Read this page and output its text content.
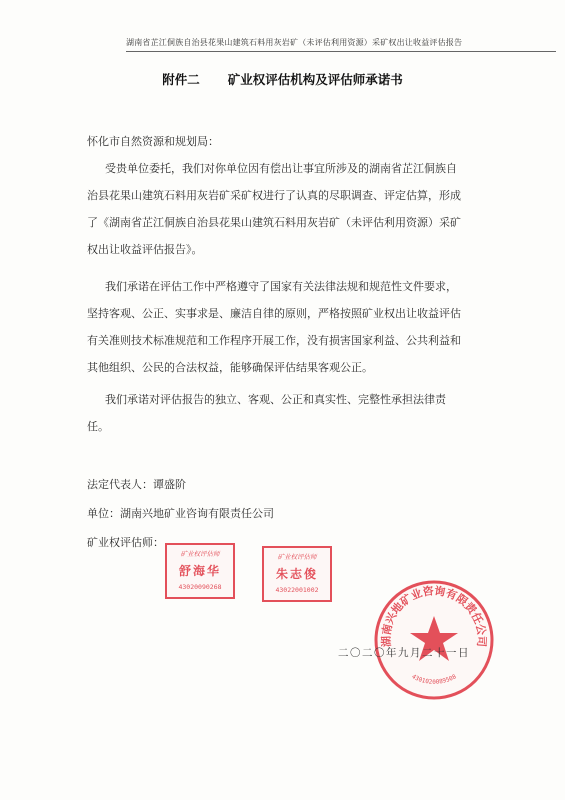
湖南省芷江侗族自治县花果山建筑石料用灰岩矿（未评估利用资源）采矿权出让收益评估报告
附件二 矿业权评估机构及评估师承诺书
怀化市自然资源和规划局：
受贵单位委托，我们对你单位因有偿出让事宜所涉及的湖南省芷江侗族自
治县花果山建筑石料用灰岩矿采矿权进行了认真的尽职调查、评定估算，形成
了《湖南省芷江侗族自治县花果山建筑石料用灰岩矿（未评估利用资源）采矿
权出让收益评估报告》。
我们承诺在评估工作中严格遵守了国家有关法律法规和规范性文件要求，
坚持客观、公正、实事求是、廉洁自律的原则，严格按照矿业权出让收益评估
有关准则技术标准规范和工作程序开展工作，没有损害国家利益、公共利益和
其他组织、公民的合法权益，能够确保评估结果客观公正。
我们承诺对评估报告的独立、客观、公正和真实性、完整性承担法律责
任。
法定代表人：谭盛阶
单位：湖南兴地矿业咨询有限责任公司
矿业权评估师：
矿业权评估师
舒海华
43020090268
矿业权评估师
朱志俊
43022001002
湖南兴地矿业咨询有限责任公司
4301020089508
二〇二〇年九月二十一日
